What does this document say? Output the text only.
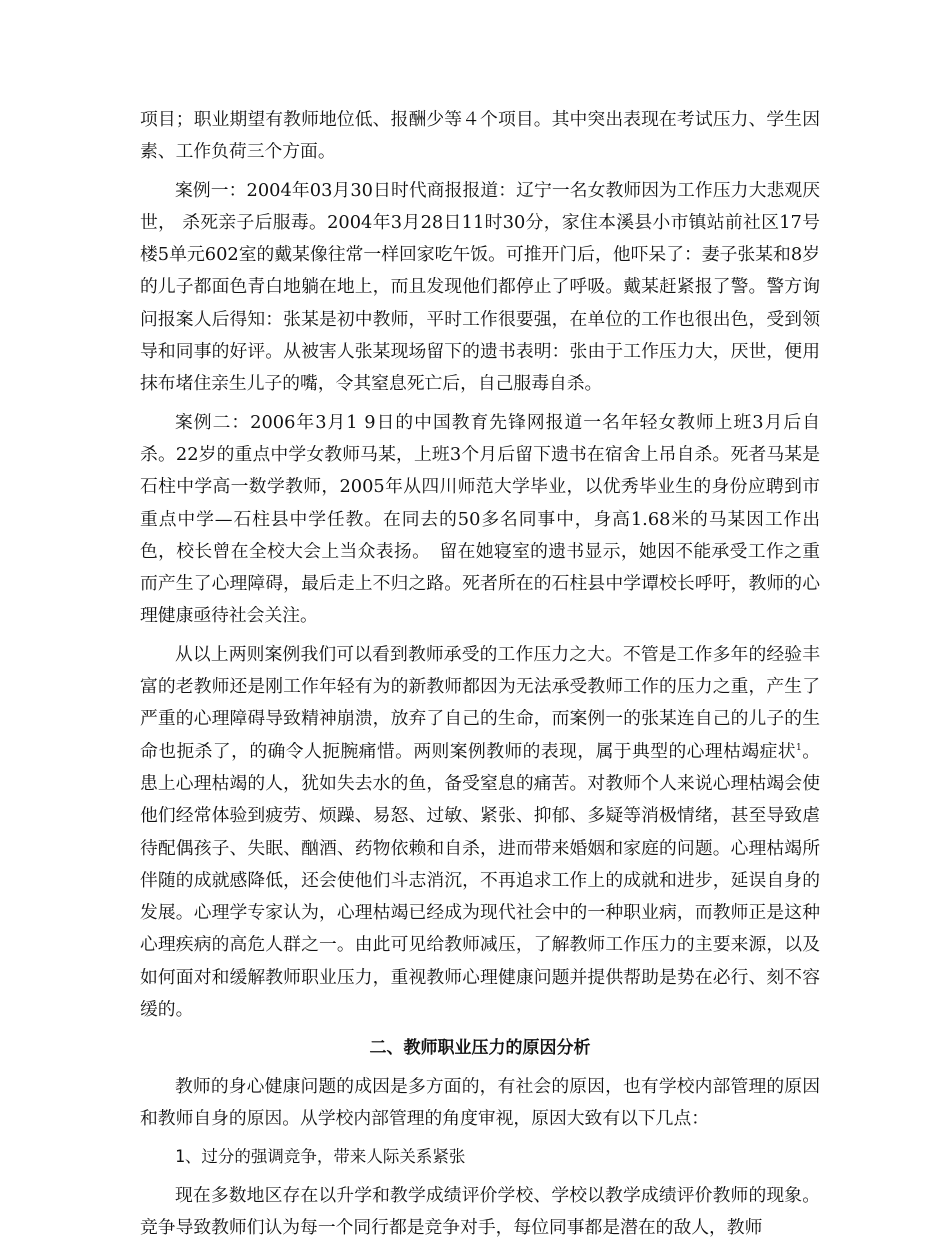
项目；职业期望有教师地位低、报酬少等４个项目。其中突出表现在考试压力、学生因素、工作负荷三个方面。

案例一：2004年03月30日时代商报报道：辽宁一名女教师因为工作压力大悲观厌世， 杀死亲子后服毒。2004年3月28日11时30分，家住本溪县小市镇站前社区17号楼5单元602室的戴某像往常一样回家吃午饭。可推开门后，他吓呆了：妻子张某和8岁的儿子都面色青白地躺在地上，而且发现他们都停止了呼吸。戴某赶紧报了警。警方询问报案人后得知：张某是初中教师，平时工作很要强，在单位的工作也很出色，受到领导和同事的好评。从被害人张某现场留下的遗书表明：张由于工作压力大，厌世，便用抹布堵住亲生儿子的嘴，令其窒息死亡后，自己服毒自杀。

案例二：2006年3月1 9日的中国教育先锋网报道一名年轻女教师上班3月后自杀。22岁的重点中学女教师马某，上班3个月后留下遗书在宿舍上吊自杀。死者马某是石柱中学高一数学教师，2005年从四川师范大学毕业，以优秀毕业生的身份应聘到市重点中学—石柱县中学任教。在同去的50多名同事中，身高1.68米的马某因工作出色，校长曾在全校大会上当众表扬。　留在她寝室的遗书显示，她因不能承受工作之重而产生了心理障碍，最后走上不归之路。死者所在的石柱县中学谭校长呼吁，教师的心理健康亟待社会关注。

从以上两则案例我们可以看到教师承受的工作压力之大。不管是工作多年的经验丰富的老教师还是刚工作年轻有为的新教师都因为无法承受教师工作的压力之重，产生了严重的心理障碍导致精神崩溃，放弃了自己的生命，而案例一的张某连自己的儿子的生命也扼杀了，的确令人扼腕痛惜。两则案例教师的表现，属于典型的心理枯竭症状$^1$。患上心理枯竭的人，犹如失去水的鱼，备受窒息的痛苦。对教师个人来说心理枯竭会使他们经常体验到疲劳、烦躁、易怒、过敏、紧张、抑郁、多疑等消极情绪，甚至导致虐待配偶孩子、失眠、酗酒、药物依赖和自杀，进而带来婚姻和家庭的问题。心理枯竭所伴随的成就感降低，还会使他们斗志消沉，不再追求工作上的成就和进步，延误自身的发展。心理学专家认为，心理枯竭已经成为现代社会中的一种职业病，而教师正是这种心理疾病的高危人群之一。由此可见给教师减压，了解教师工作压力的主要来源，以及如何面对和缓解教师职业压力，重视教师心理健康问题并提供帮助是势在必行、刻不容缓的。

二、教师职业压力的原因分析

教师的身心健康问题的成因是多方面的，有社会的原因，也有学校内部管理的原因和教师自身的原因。从学校内部管理的角度审视，原因大致有以下几点：

1、过分的强调竞争，带来人际关系紧张

现在多数地区存在以升学和教学成绩评价学校、学校以教学成绩评价教师的现象。竞争导致教师们认为每一个同行都是竞争对手，每位同事都是潜在的敌人，教师
